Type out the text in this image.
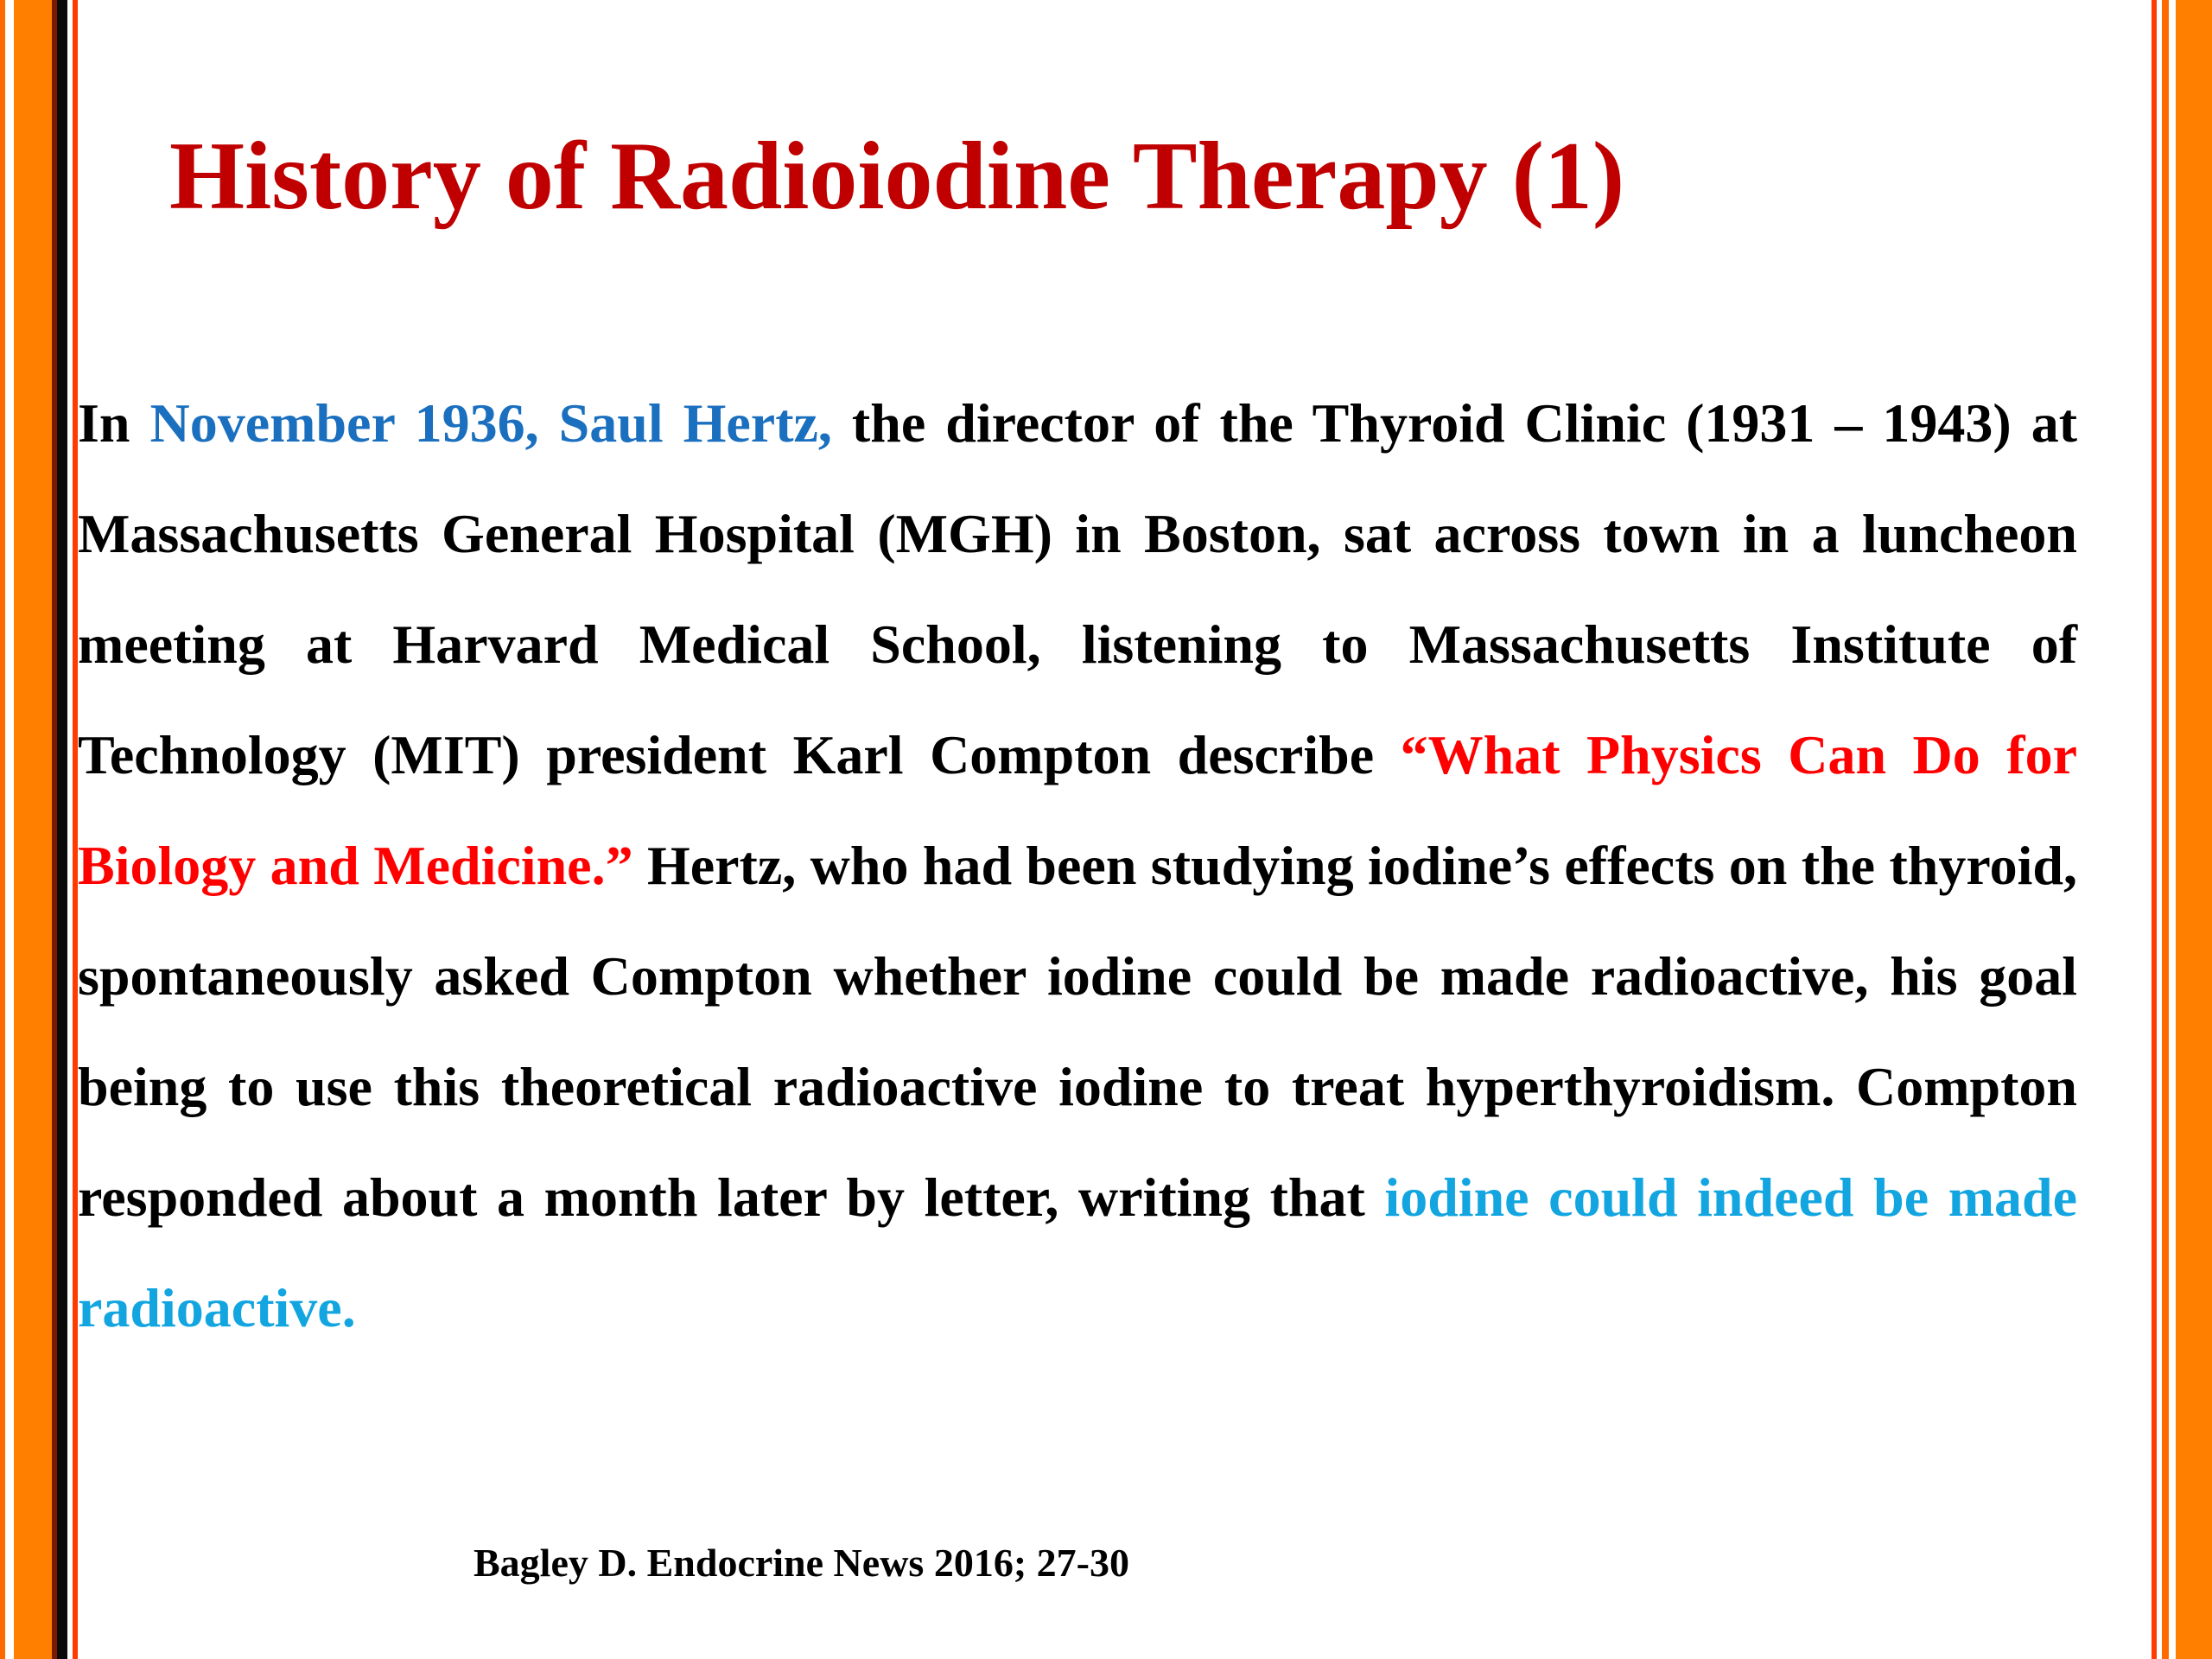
History of Radioiodine Therapy (1)

In November 1936, Saul Hertz, the director of the Thyroid Clinic (1931 – 1943) at Massachusetts General Hospital (MGH) in Boston, sat across town in a luncheon meeting at Harvard Medical School, listening to Massachusetts Institute of Technology (MIT) president Karl Compton describe “What Physics Can Do for Biology and Medicine.” Hertz, who had been studying iodine’s effects on the thyroid, spontaneously asked Compton whether iodine could be made radioactive, his goal being to use this theoretical radioactive iodine to treat hyperthyroidism. Compton responded about a month later by letter, writing that iodine could indeed be made radioactive.

Bagley D. Endocrine News 2016; 27-30
